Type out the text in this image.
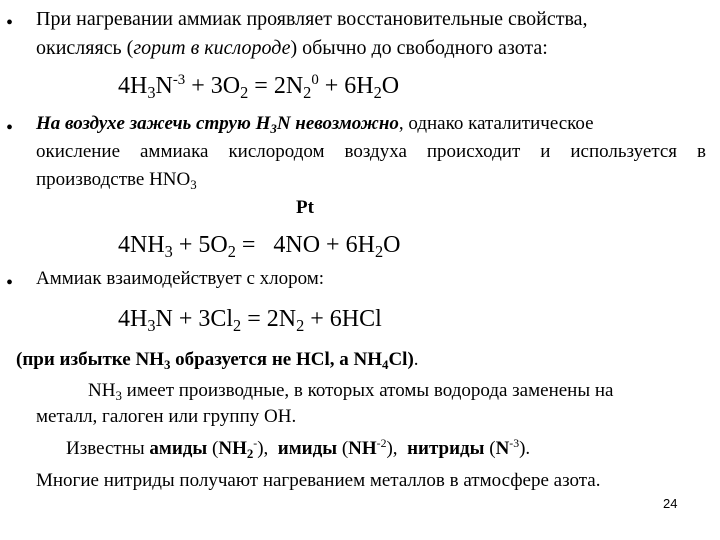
• При нагревании аммиак проявляет восстановительные свойства,
окисляясь (горит в кислороде) обычно до свободного азота:
$4H_3N^{-3} + 3O_2 = 2N_2^0 + 6H_2O$
• На воздухе зажечь струю $H_3N$ невозможно, однако каталитическое
окисление аммиака кислородом воздуха происходит и используется в
производстве $HNO_3$
Pt
$4NH_3 + 5O_2 = 4NO + 6H_2O$
• Аммиак взаимодействует с хлором:
$4H_3N + 3Cl_2 = 2N_2 + 6HCl$
(при избытке $NH_3$ образуется не HCl, а $NH_4Cl$).
$NH_3$ имеет производные, в которых атомы водорода заменены на
металл, галоген или группу OH.
Известны амиды $(NH_2^-)$,  имиды $(NH^{-2})$,  нитриды $(N^{-3})$.
Многие нитриды получают нагреванием металлов в атмосфере азота.
24
